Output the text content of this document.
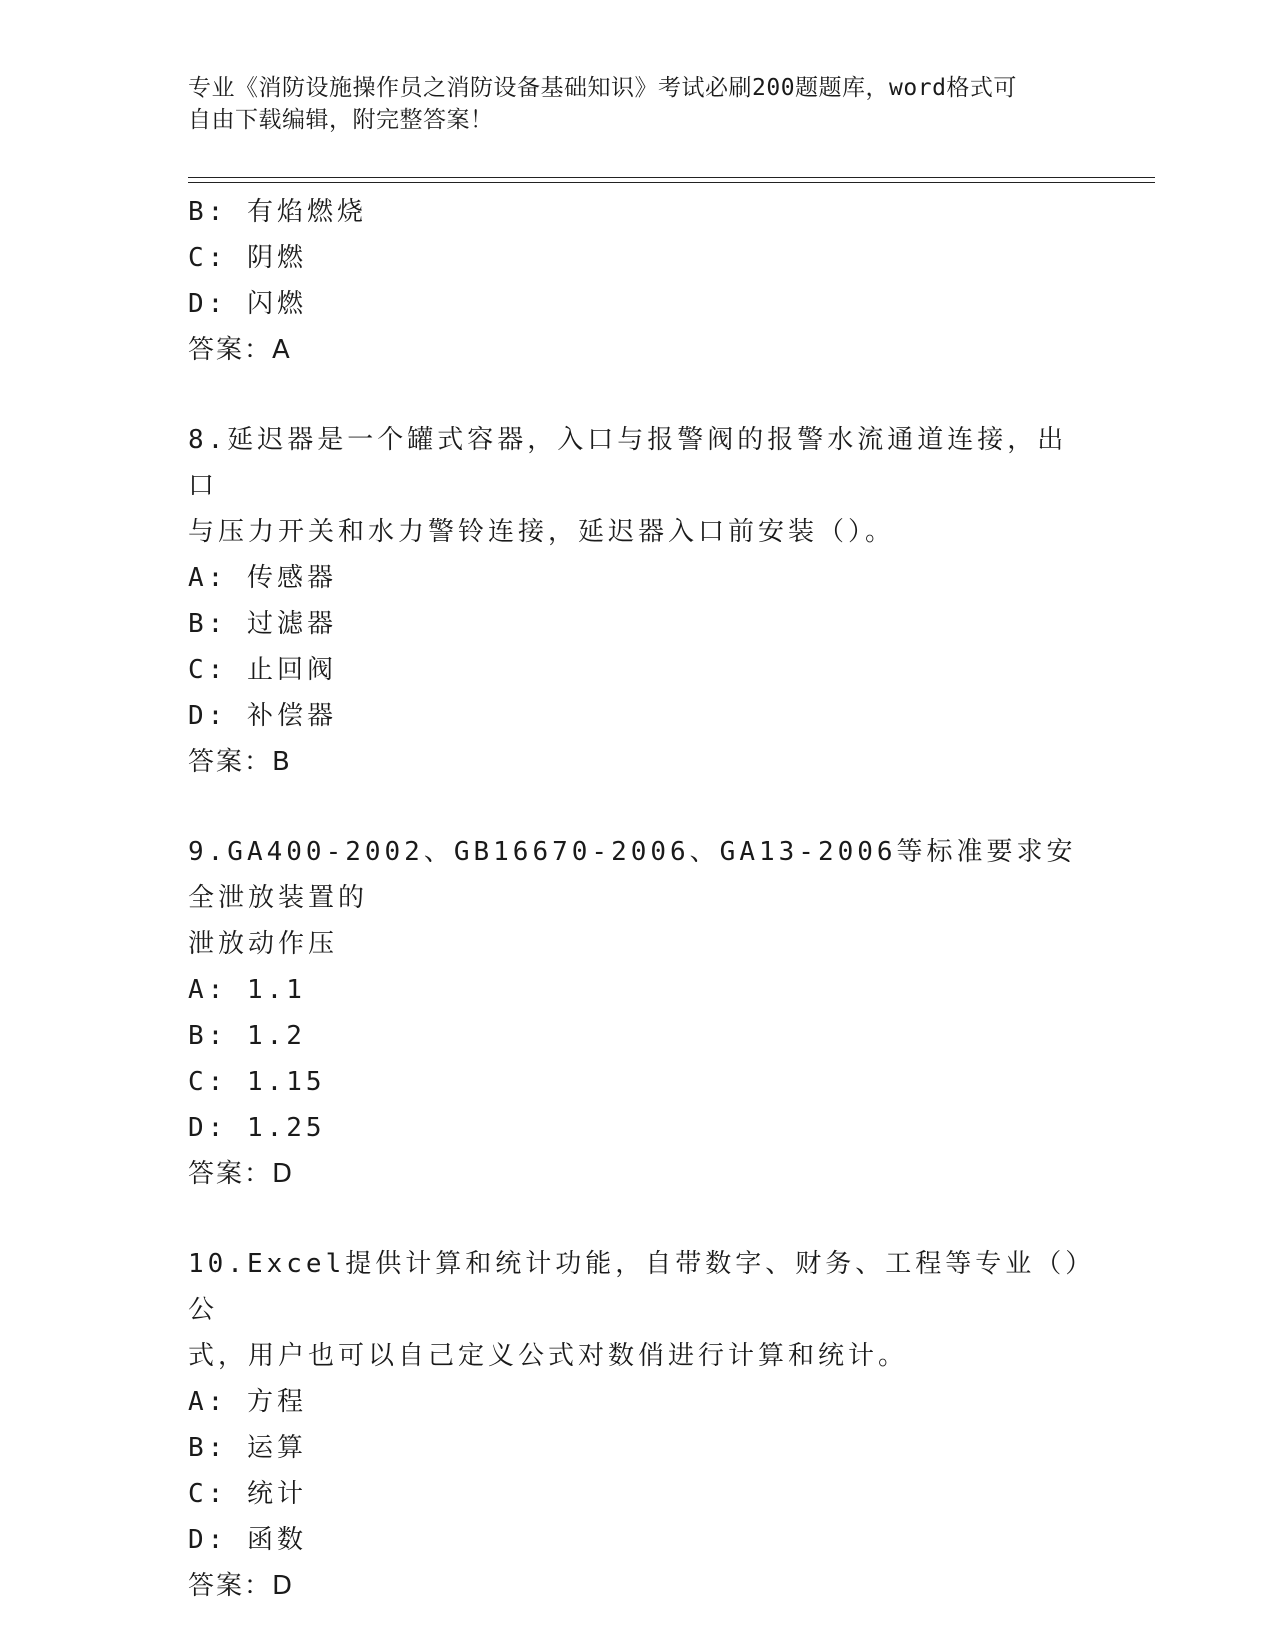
专业《消防设施操作员之消防设备基础知识》考试必刷200题题库，word格式可
自由下载编辑，附完整答案！
B: 有焰燃烧
C: 阴燃
D: 闪燃
答案：A
8.延迟器是一个罐式容器，入口与报警阀的报警水流通道连接，出口
与压力开关和水力警铃连接，延迟器入口前安装（）。
A: 传感器
B: 过滤器
C: 止回阀
D: 补偿器
答案：B
9.GA400-2002、GB16670-2006、GA13-2006等标准要求安全泄放装置的
泄放动作压
A: 1.1
B: 1.2
C: 1.15
D: 1.25
答案：D
10.Excel提供计算和统计功能，自带数字、财务、工程等专业（）公
式，用户也可以自己定义公式对数俏进行计算和统计。
A: 方程
B: 运算
C: 统计
D: 函数
答案：D
